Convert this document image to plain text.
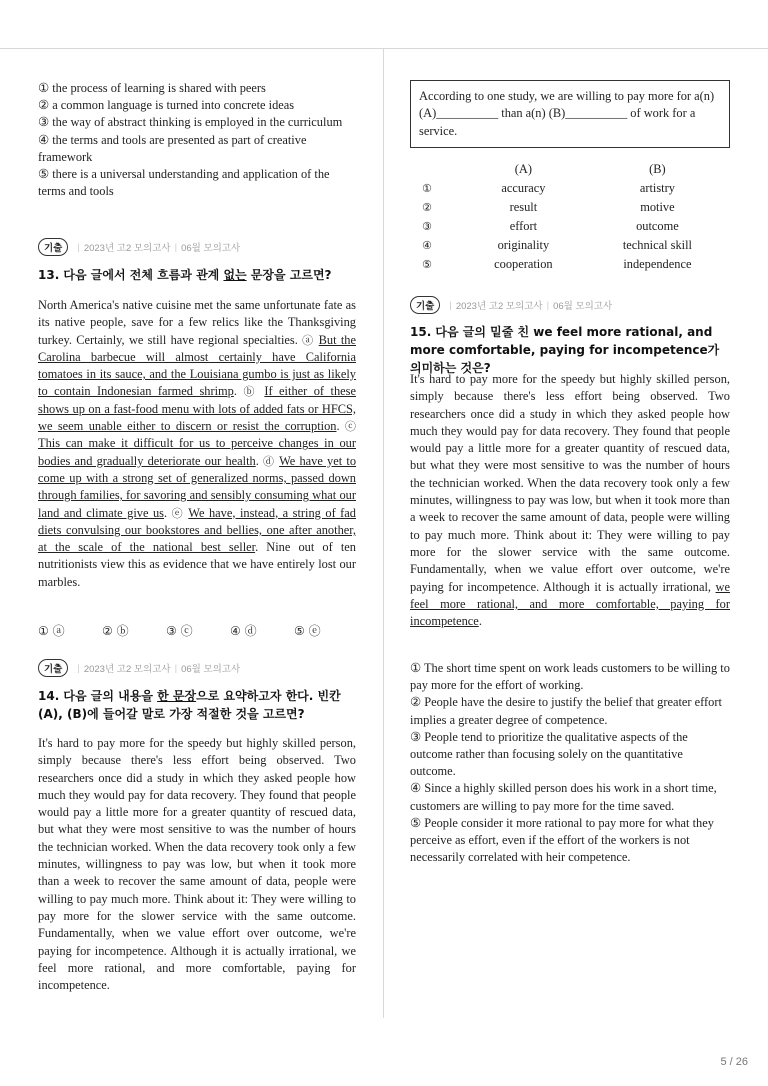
① the process of learning is shared with peers
② a common language is turned into concrete ideas
③ the way of abstract thinking is employed in the curriculum
④ the terms and tools are presented as part of creative framework
⑤ there is a universal understanding and application of the terms and tools
기출	| 2023년 고2 모의고사 | 06월 모의고사
13. 다음 글에서 전체 흐름과 관계 없는 문장을 고르면?
North America's native cuisine met the same unfortunate fate as its native people, save for a few relics like the Thanksgiving turkey. Certainly, we still have regional specialties. ⓐ But the Carolina barbecue will almost certainly have California tomatoes in its sauce, and the Louisiana gumbo is just as likely to contain Indonesian farmed shrimp. ⓑ If either of these shows up on a fast-food menu with lots of added fats or HFCS, we seem unable either to discern or resist the corruption. ⓒ This can make it difficult for us to perceive changes in our bodies and gradually deteriorate our health. ⓓ We have yet to come up with a strong set of generalized norms, passed down through families, for savoring and sensibly consuming what our land and climate give us. ⓔ We have, instead, a string of fad diets convulsing our bookstores and bellies, one after another, at the scale of the national best seller. Nine out of ten nutritionists view this as evidence that we have entirely lost our marbles.
① ⓐ	② ⓑ	③ ⓒ	④ ⓓ	⑤ ⓔ
기출	| 2023년 고2 모의고사 | 06월 모의고사
14. 다음 글의 내용을 한 문장으로 요약하고자 한다. 빈칸 (A), (B)에 들어갈 말로 가장 적절한 것을 고르면?
It's hard to pay more for the speedy but highly skilled person, simply because there's less effort being observed. Two researchers once did a study in which they asked people how much they would pay for data recovery. They found that people would pay a little more for a greater quantity of rescued data, but what they were most sensitive to was the number of hours the technician worked. When the data recovery took only a few minutes, willingness to pay was low, but when it took more than a week to recover the same amount of data, people were willing to pay much more. Think about it: They were willing to pay more for the slower service with the same outcome. Fundamentally, when we value effort over outcome, we're paying for incompetence. Although it is actually irrational, we feel more rational, and more comfortable, paying for incompetence.
According to one study, we are willing to pay more for a(n) (A)__________ than a(n) (B)__________ of work for a service.
	(A)	(B)
①	accuracy	artistry
②	result	motive
③	effort	outcome
④	originality	technical skill
⑤	cooperation	independence
기출	| 2023년 고2 모의고사 | 06월 모의고사
15. 다음 글의 밑줄 친 we feel more rational, and more comfortable, paying for incompetence가 의미하는 것은?
It's hard to pay more for the speedy but highly skilled person, simply because there's less effort being observed. Two researchers once did a study in which they asked people how much they would pay for data recovery. They found that people would pay a little more for a greater quantity of rescued data, but what they were most sensitive to was the number of hours the technician worked. When the data recovery took only a few minutes, willingness to pay was low, but when it took more than a week to recover the same amount of data, people were willing to pay much more. Think about it: They were willing to pay more for the slower service with the same outcome. Fundamentally, when we value effort over outcome, we're paying for incompetence. Although it is actually irrational, we feel more rational, and more comfortable, paying for incompetence.
① The short time spent on work leads customers to be willing to pay more for the effort of working.
② People have the desire to justify the belief that greater effort implies a greater degree of competence.
③ People tend to prioritize the qualitative aspects of the outcome rather than focusing solely on the quantitative outcome.
④ Since a highly skilled person does his work in a short time, customers are willing to pay more for the time saved.
⑤ People consider it more rational to pay more for what they perceive as effort, even if the effort of the workers is not necessarily correlated with heir competence.
5 / 26
